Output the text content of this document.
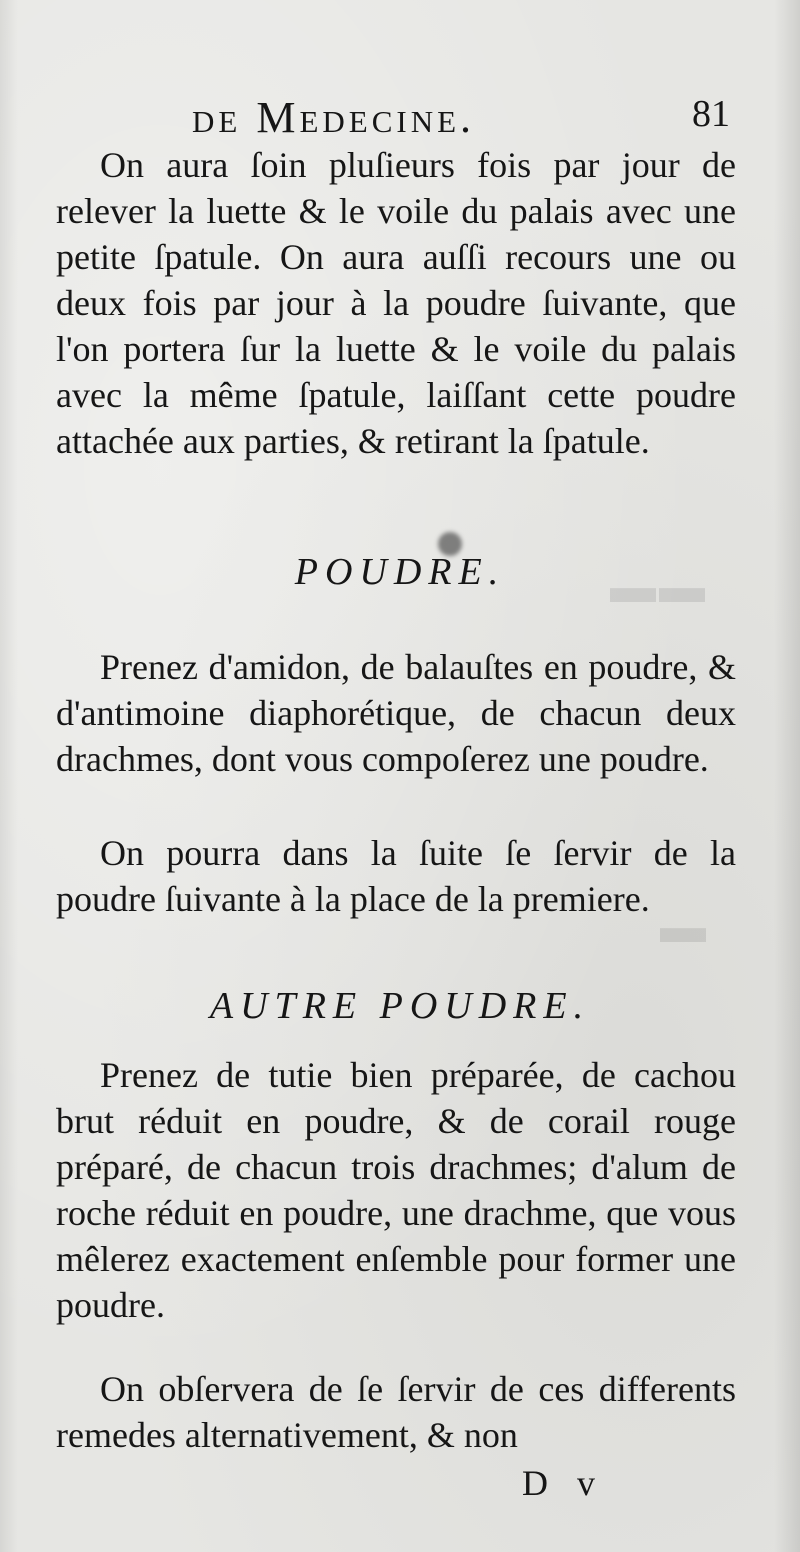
▬▬
▬
de Medecine.	81

On aura ſoin pluſieurs fois par jour de relever la luette & le voile du palais avec une petite ſpatule. On aura auſſi recours une ou deux fois par jour à la poudre ſuivante, que l'on portera ſur la luette & le voile du palais avec la même ſpatule, laiſſant cette poudre attachée aux parties, & retirant la ſpatule.

POUDRE.

Prenez d'amidon, de balauſtes en poudre, & d'antimoine diaphorétique, de chacun deux drachmes, dont vous compoſerez une poudre.

On pourra dans la ſuite ſe ſervir de la poudre ſuivante à la place de la premiere.

AUTRE POUDRE.

Prenez de tutie bien préparée, de cachou brut réduit en poudre, & de corail rouge préparé, de chacun trois drachmes; d'alum de roche réduit en poudre, une drachme, que vous mêlerez exactement enſemble pour former une poudre.

On obſervera de ſe ſervir de ces differents remedes alternativement, & non

D v
